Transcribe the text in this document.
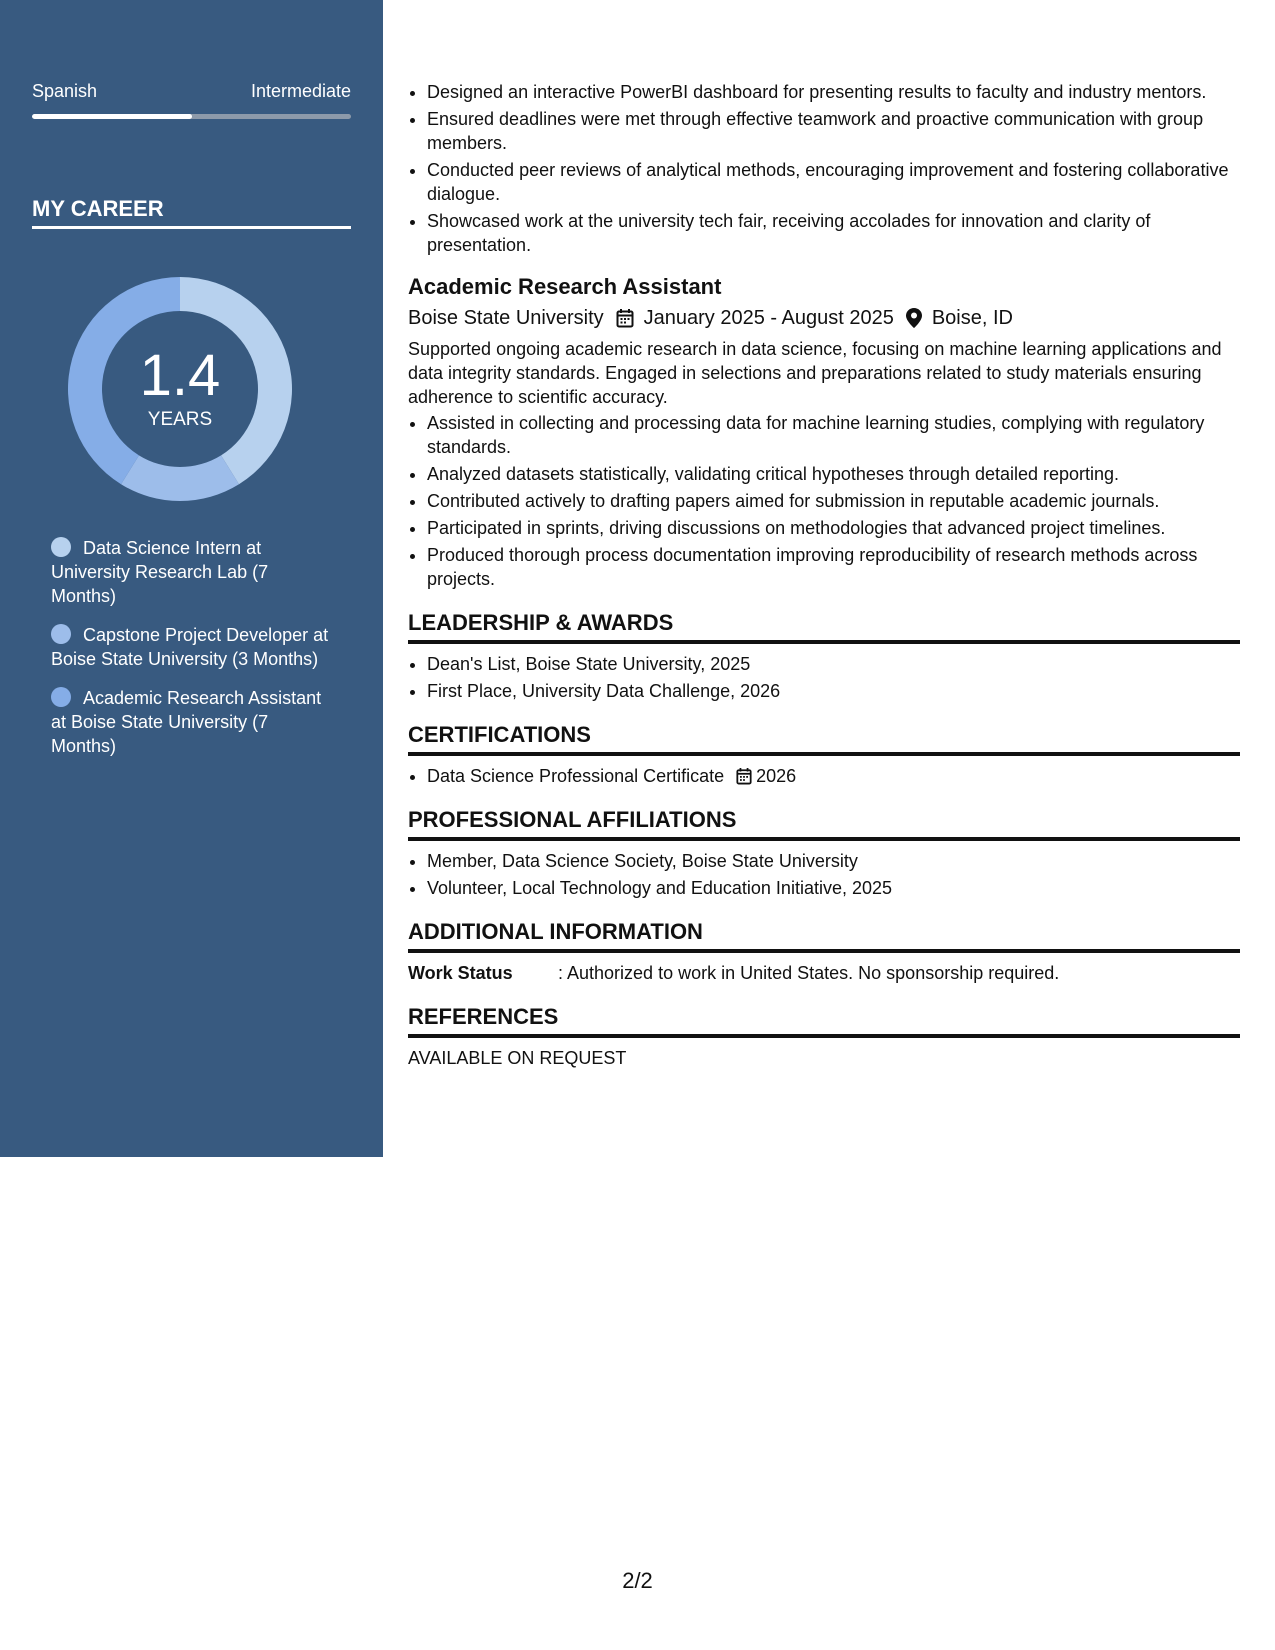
Spanish	Intermediate
MY CAREER
1.4
YEARS
Data Science Intern at University Research Lab (7 Months)
Capstone Project Developer at Boise State University (3 Months)
Academic Research Assistant at Boise State University (7 Months)
• Designed an interactive PowerBI dashboard for presenting results to faculty and industry mentors.
• Ensured deadlines were met through effective teamwork and proactive communication with group members.
• Conducted peer reviews of analytical methods, encouraging improvement and fostering collaborative dialogue.
• Showcased work at the university tech fair, receiving accolades for innovation and clarity of presentation.
Academic Research Assistant
Boise State University January 2025 - August 2025 Boise, ID
Supported ongoing academic research in data science, focusing on machine learning applications and data integrity standards. Engaged in selections and preparations related to study materials ensuring adherence to scientific accuracy.
• Assisted in collecting and processing data for machine learning studies, complying with regulatory standards.
• Analyzed datasets statistically, validating critical hypotheses through detailed reporting.
• Contributed actively to drafting papers aimed for submission in reputable academic journals.
• Participated in sprints, driving discussions on methodologies that advanced project timelines.
• Produced thorough process documentation improving reproducibility of research methods across projects.
LEADERSHIP & AWARDS
• Dean's List, Boise State University, 2025
• First Place, University Data Challenge, 2026
CERTIFICATIONS
• Data Science Professional Certificate 2026
PROFESSIONAL AFFILIATIONS
• Member, Data Science Society, Boise State University
• Volunteer, Local Technology and Education Initiative, 2025
ADDITIONAL INFORMATION
Work Status	: Authorized to work in United States. No sponsorship required.
REFERENCES
AVAILABLE ON REQUEST
2/2
